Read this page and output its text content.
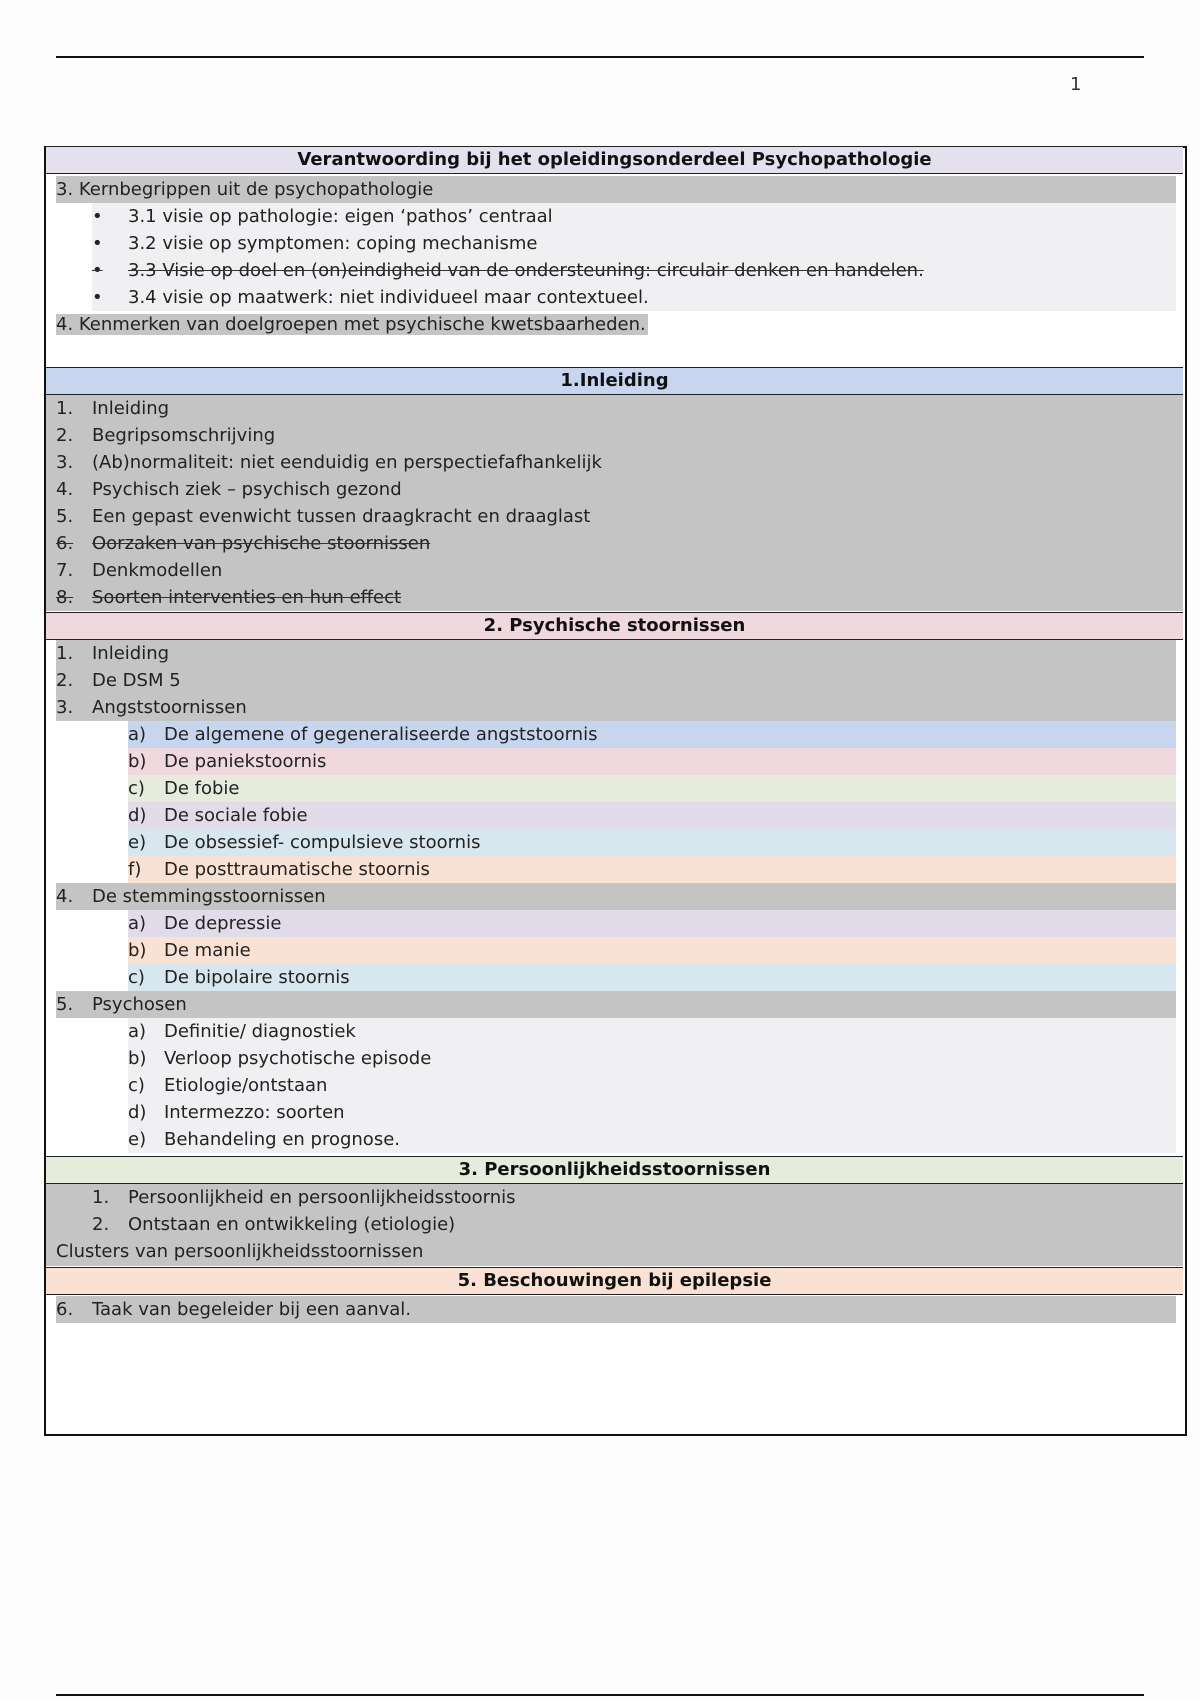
1
Verantwoording bij het opleidingsonderdeel Psychopathologie
3. Kernbegrippen uit de psychopathologie
• 3.1 visie op pathologie: eigen ‘pathos’ centraal
• 3.2 visie op symptomen: coping mechanisme
• 3.3 Visie op doel en (on)eindigheid van de ondersteuning: circulair denken en handelen.
• 3.4 visie op maatwerk: niet individueel maar contextueel.
4. Kenmerken van doelgroepen met psychische kwetsbaarheden.
1.Inleiding
1. Inleiding
2. Begripsomschrijving
3. (Ab)normaliteit: niet eenduidig en perspectiefafhankelijk
4. Psychisch ziek – psychisch gezond
5. Een gepast evenwicht tussen draagkracht en draaglast
6.	Oorzaken van psychische stoornissen
7. Denkmodellen
8.	Soorten interventies en hun effect
2. Psychische stoornissen
1. Inleiding
2. De DSM 5
3. Angststoornissen
a) De algemene of gegeneraliseerde angststoornis
b) De paniekstoornis
c) De fobie
d) De sociale fobie
e) De obsessief- compulsieve stoornis
f) De posttraumatische stoornis
4. De stemmingsstoornissen
a) De depressie
b) De manie
c) De bipolaire stoornis
5. Psychosen
a) Definitie/ diagnostiek
b) Verloop psychotische episode
c) Etiologie/ontstaan
d) Intermezzo: soorten
e) Behandeling en prognose.
3. Persoonlijkheidsstoornissen
1. Persoonlijkheid en persoonlijkheidsstoornis
2. Ontstaan en ontwikkeling (etiologie)
Clusters van persoonlijkheidsstoornissen
5. Beschouwingen bij epilepsie
6. Taak van begeleider bij een aanval.
